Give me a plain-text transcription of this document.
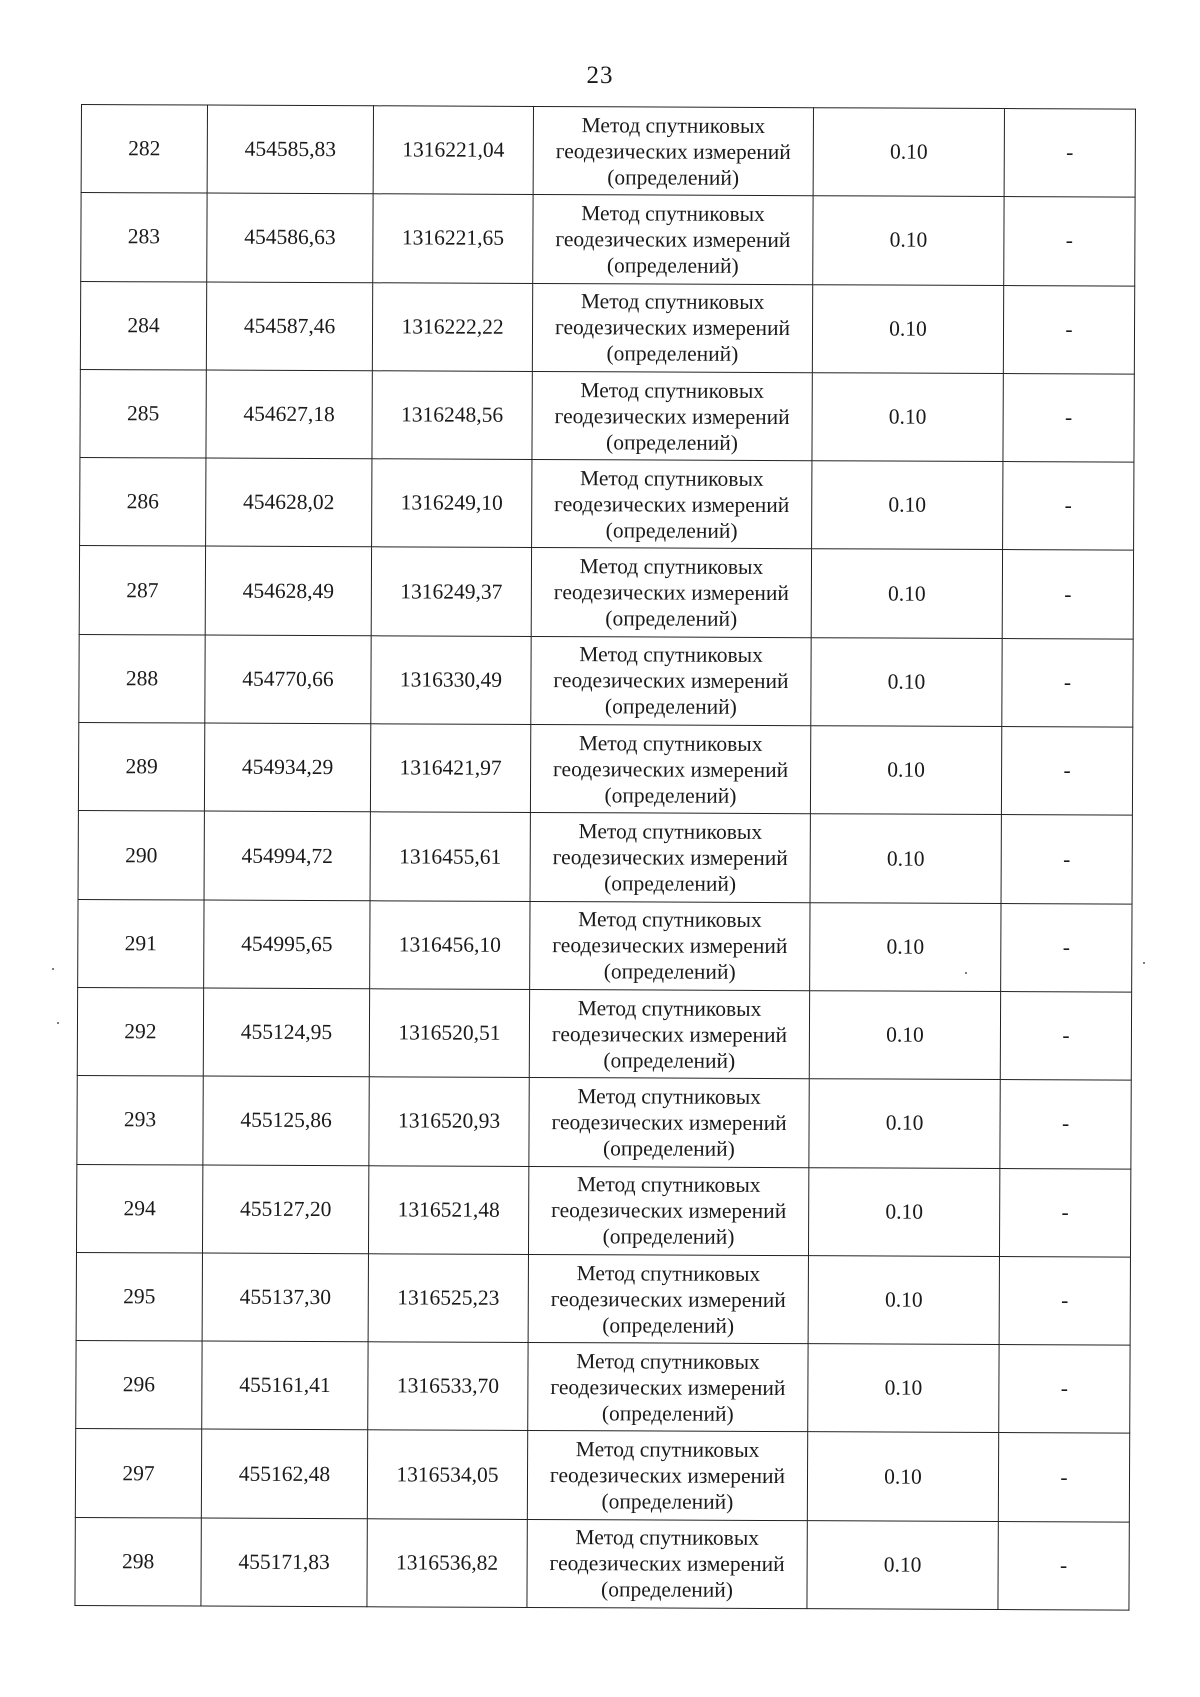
23
282	454585,83	1316221,04	Метод спутниковых
геодезических измерений
(определений)	0.10	-
283	454586,63	1316221,65	Метод спутниковых
геодезических измерений
(определений)	0.10	-
284	454587,46	1316222,22	Метод спутниковых
геодезических измерений
(определений)	0.10	-
285	454627,18	1316248,56	Метод спутниковых
геодезических измерений
(определений)	0.10	-
286	454628,02	1316249,10	Метод спутниковых
геодезических измерений
(определений)	0.10	-
287	454628,49	1316249,37	Метод спутниковых
геодезических измерений
(определений)	0.10	-
288	454770,66	1316330,49	Метод спутниковых
геодезических измерений
(определений)	0.10	-
289	454934,29	1316421,97	Метод спутниковых
геодезических измерений
(определений)	0.10	-
290	454994,72	1316455,61	Метод спутниковых
геодезических измерений
(определений)	0.10	-
291	454995,65	1316456,10	Метод спутниковых
геодезических измерений
(определений)	0.10	-
292	455124,95	1316520,51	Метод спутниковых
геодезических измерений
(определений)	0.10	-
293	455125,86	1316520,93	Метод спутниковых
геодезических измерений
(определений)	0.10	-
294	455127,20	1316521,48	Метод спутниковых
геодезических измерений
(определений)	0.10	-
295	455137,30	1316525,23	Метод спутниковых
геодезических измерений
(определений)	0.10	-
296	455161,41	1316533,70	Метод спутниковых
геодезических измерений
(определений)	0.10	-
297	455162,48	1316534,05	Метод спутниковых
геодезических измерений
(определений)	0.10	-
298	455171,83	1316536,82	Метод спутниковых
геодезических измерений
(определений)	0.10	-
